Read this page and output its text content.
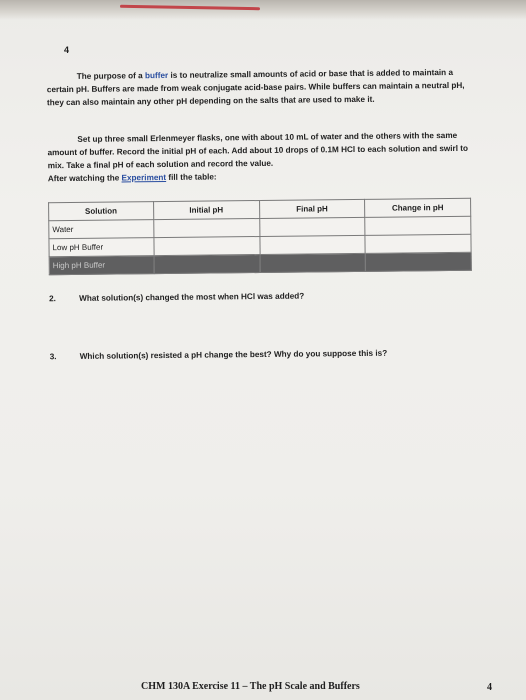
4
The purpose of a buffer is to neutralize small amounts of acid or base that is added to maintain a certain pH. Buffers are made from weak conjugate acid-base pairs. While buffers can maintain a neutral pH, they can also maintain any other pH depending on the salts that are used to make it.
Set up three small Erlenmeyer flasks, one with about 10 mL of water and the others with the same amount of buffer. Record the initial pH of each. Add about 10 drops of 0.1M HCl to each solution and swirl to mix. Take a final pH of each solution and record the value.
After watching the Experiment fill the table:
Solution	Initial pH	Final pH	Change in pH
Water			
Low pH Buffer			
High pH Buffer			
2.	What solution(s) changed the most when HCl was added?
3.	Which solution(s) resisted a pH change the best? Why do you suppose this is?
CHM 130A Exercise 11 – The pH Scale and Buffers	4
